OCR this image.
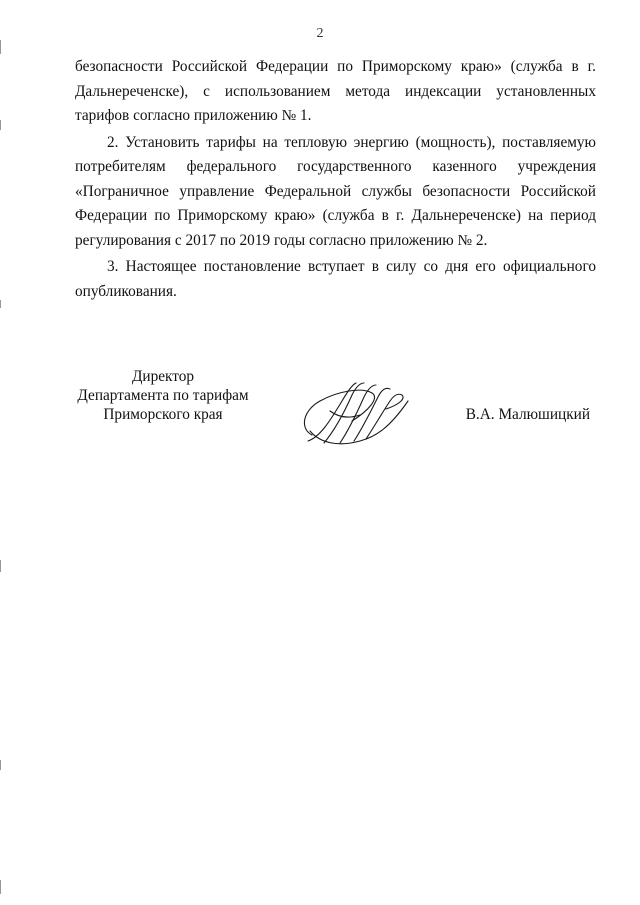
2

безопасности Российской Федерации по Приморскому краю» (служба в г. Дальнереченске), с использованием метода индексации установленных тарифов согласно приложению № 1.

2. Установить тарифы на тепловую энергию (мощность), поставляемую потребителям федерального государственного казенного учреждения «Пограничное управление Федеральной службы безопасности Российской Федерации по Приморскому краю» (служба в г. Дальнереченске) на период регулирования с 2017 по 2019 годы согласно приложению № 2.

3. Настоящее постановление вступает в силу со дня его официального опубликования.

Директор
Департамента по тарифам
Приморского края	В.А. Малюшицкий
